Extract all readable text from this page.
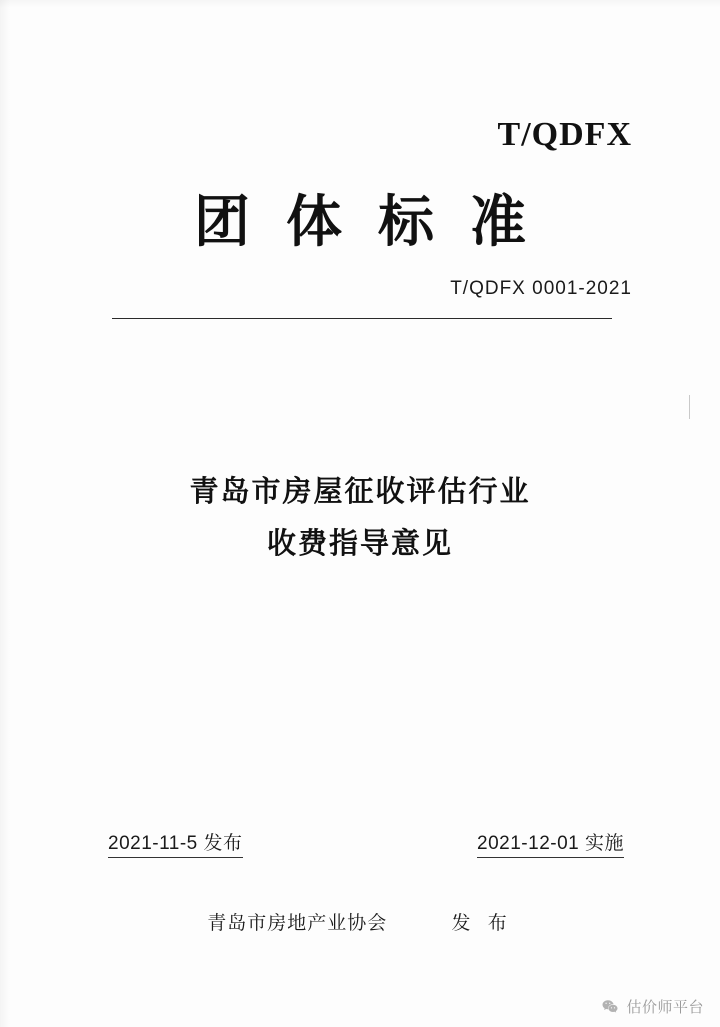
T/QDFX
团体标准
T/QDFX 0001-2021
青岛市房屋征收评估行业
收费指导意见
2021-11-5 发布	2021-12-01 实施
青岛市房地产业协会	发 布
估价师平台
